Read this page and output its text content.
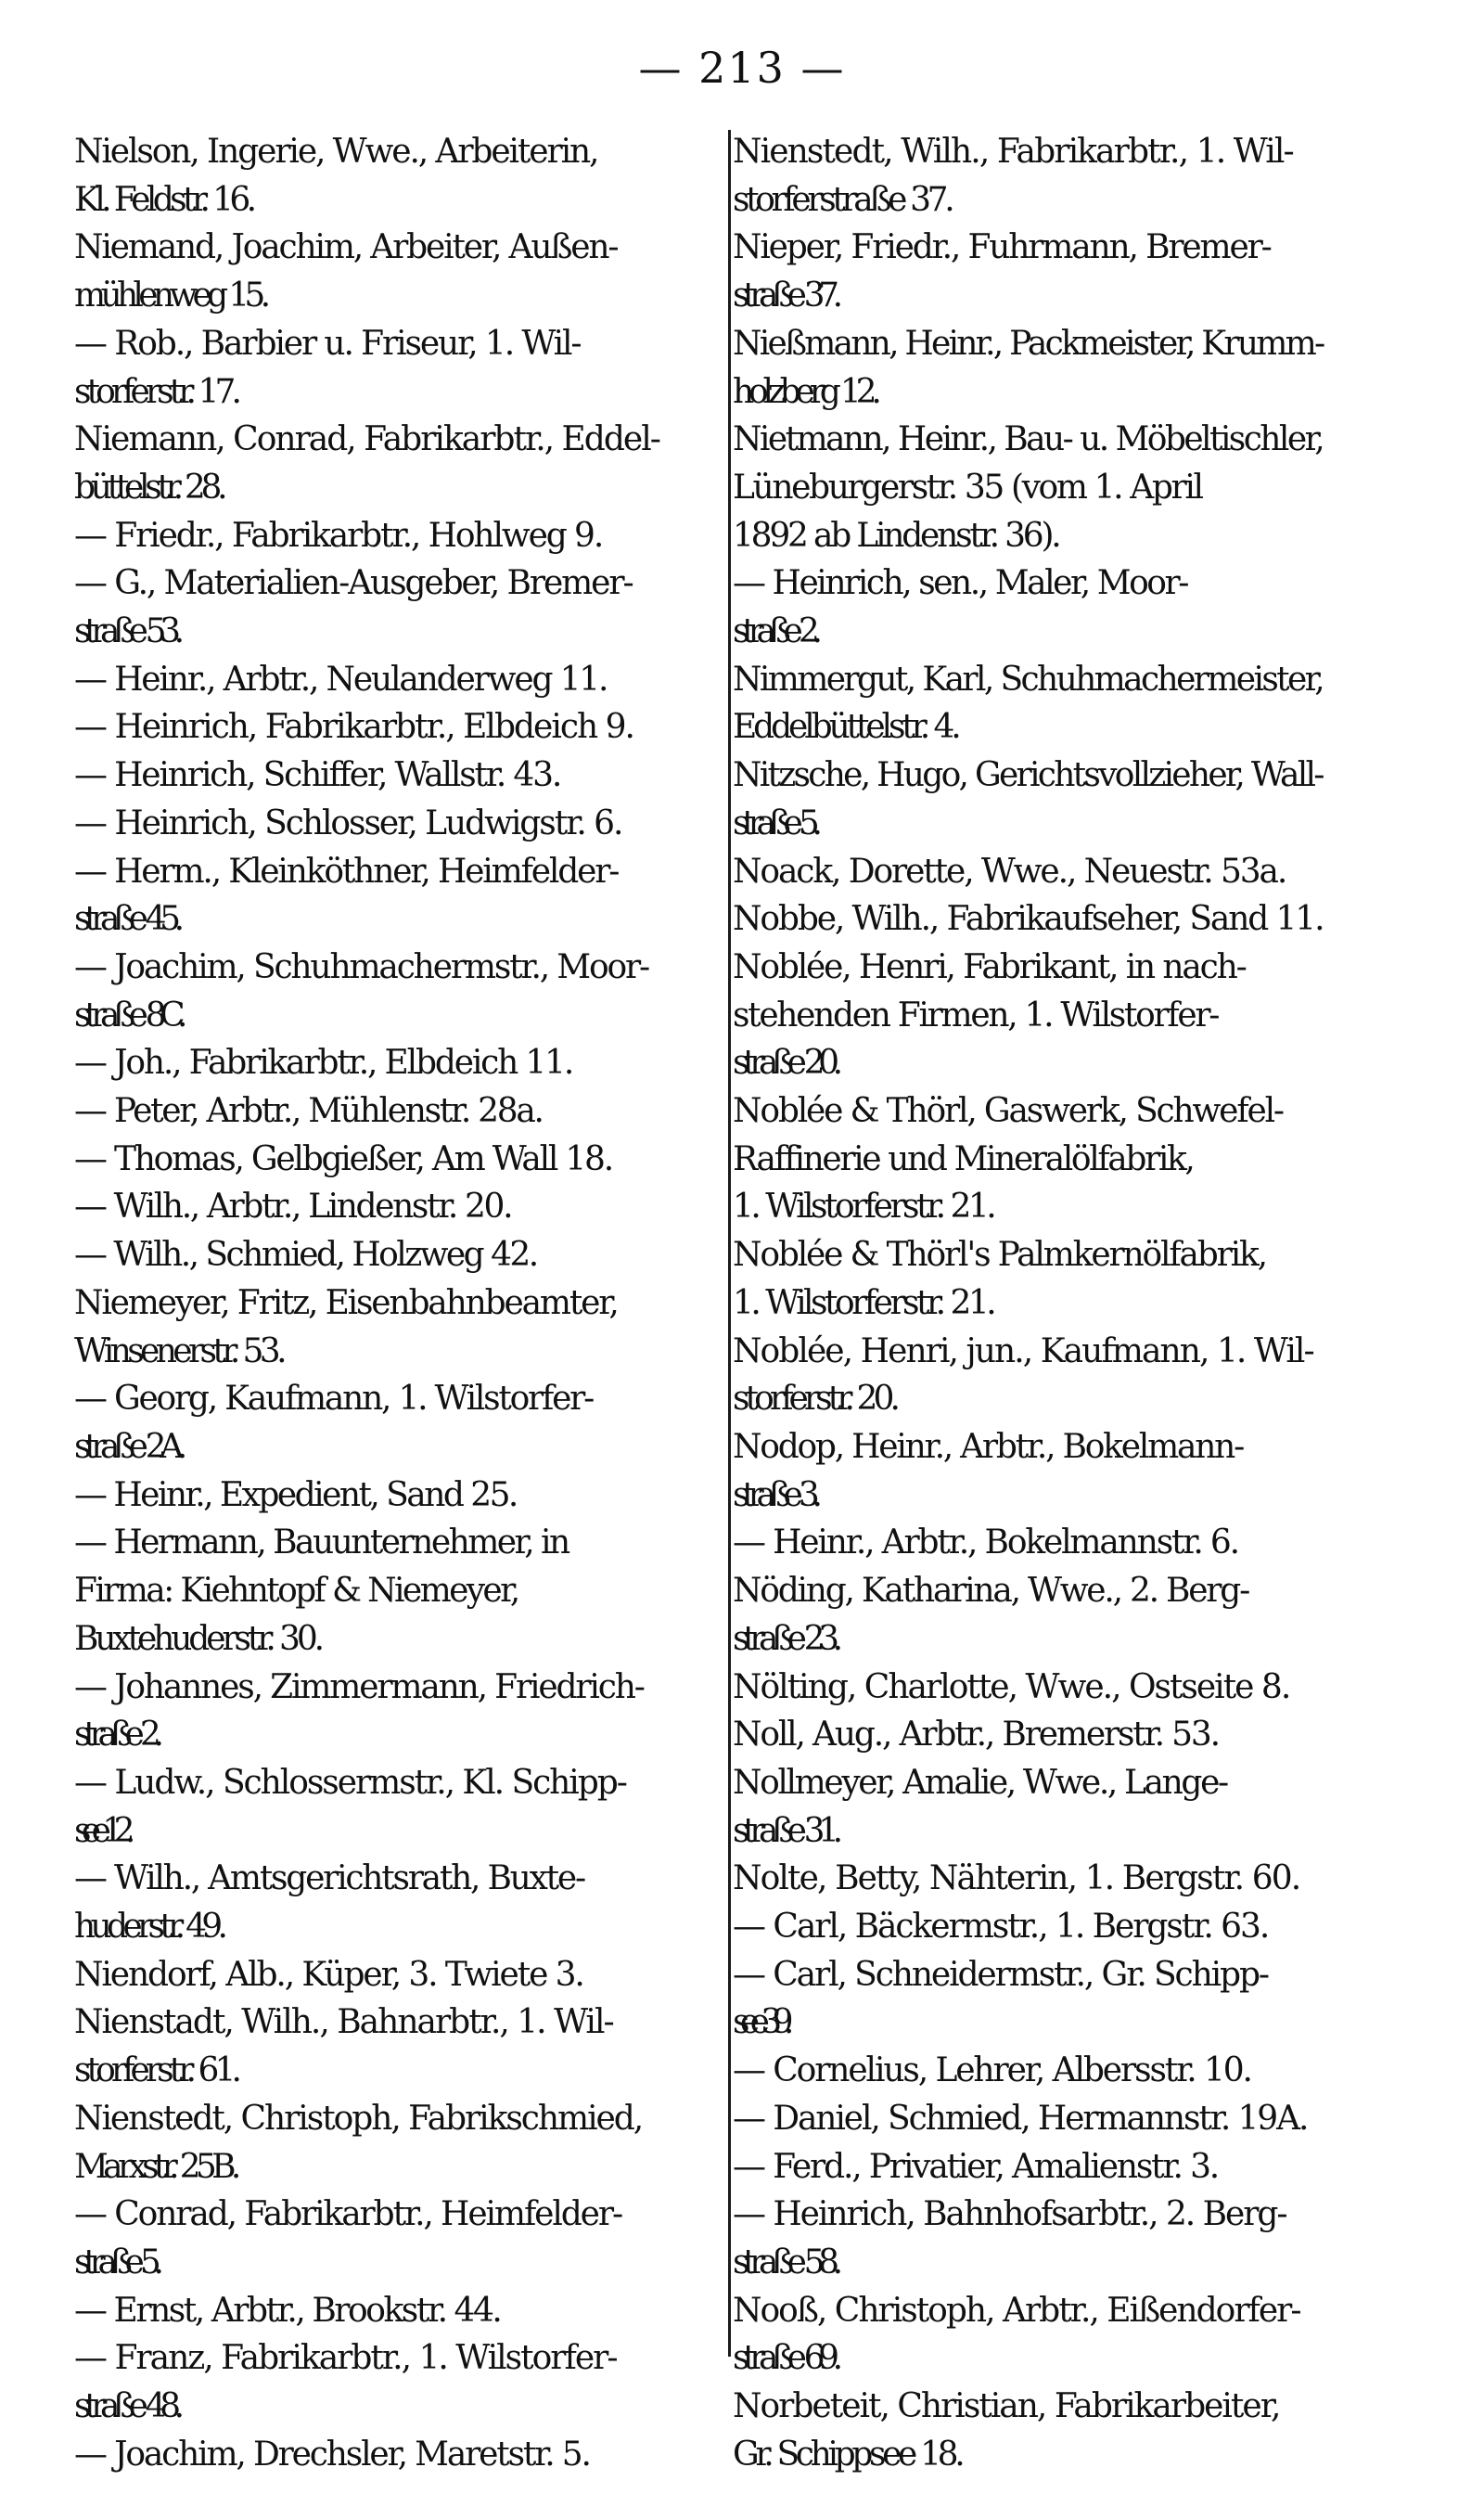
— 213 —

Nielson, Ingerie, Wwe., Arbeiterin,
Kl. Feldstr. 16.

Niemand, Joachim, Arbeiter, Außen-
mühlenweg 15.

— Rob., Barbier u. Friseur, 1. Wil-
storferstr. 17.

Niemann, Conrad, Fabrikarbtr., Eddel-
büttelstr. 28.

— Friedr., Fabrikarbtr., Hohlweg 9.

— G., Materialien-Ausgeber, Bremer-
straße 53.

— Heinr., Arbtr., Neulanderweg 11.

— Heinrich, Fabrikarbtr., Elbdeich 9.

— Heinrich, Schiffer, Wallstr. 43.

— Heinrich, Schlosser, Ludwigstr. 6.

— Herm., Kleinköthner, Heimfelder-
straße 45.

— Joachim, Schuhmachermstr., Moor-
straße 8C.

— Joh., Fabrikarbtr., Elbdeich 11.

— Peter, Arbtr., Mühlenstr. 28a.

— Thomas, Gelbgießer, Am Wall 18.

— Wilh., Arbtr., Lindenstr. 20.

— Wilh., Schmied, Holzweg 42.

Niemeyer, Fritz, Eisenbahnbeamter,
Winsenerstr. 53.

— Georg, Kaufmann, 1. Wilstorfer-
straße 2A.

— Heinr., Expedient, Sand 25.

— Hermann, Bauunternehmer, in
Firma: Kiehntopf & Niemeyer,
Buxtehuderstr. 30.

— Johannes, Zimmermann, Friedrich-
straße 2.

— Ludw., Schlossermstr., Kl. Schipp-
see 12.

— Wilh., Amtsgerichtsrath, Buxte-
huderstr. 49.

Niendorf, Alb., Küper, 3. Twiete 3.

Nienstadt, Wilh., Bahnarbtr., 1. Wil-
storferstr. 61.

Nienstedt, Christoph, Fabrikschmied,
Marxstr. 25B.

— Conrad, Fabrikarbtr., Heimfelder-
straße 5.

— Ernst, Arbtr., Brookstr. 44.

— Franz, Fabrikarbtr., 1. Wilstorfer-
straße 48.

— Joachim, Drechsler, Maretstr. 5.

Nienstedt, Wilh., Fabrikarbtr., 1. Wil-
storferstraße 37.

Nieper, Friedr., Fuhrmann, Bremer-
straße 37.

Nießmann, Heinr., Packmeister, Krumm-
holzberg 12.

Nietmann, Heinr., Bau- u. Möbeltischler,
Lüneburgerstr. 35 (vom 1. April
1892 ab Lindenstr. 36).

— Heinrich, sen., Maler, Moor-
straße 2.

Nimmergut, Karl, Schuhmachermeister,
Eddelbüttelstr. 4.

Nitzsche, Hugo, Gerichtsvollzieher, Wall-
straße 5.

Noack, Dorette, Wwe., Neuestr. 53a.

Nobbe, Wilh., Fabrikaufseher, Sand 11.

Noblée, Henri, Fabrikant, in nach-
stehenden Firmen, 1. Wilstorfer-
straße 20.

Noblée & Thörl, Gaswerk, Schwefel-
Raffinerie und Mineralölfabrik,
1. Wilstorferstr. 21.

Noblée & Thörl's Palmkernölfabrik,
1. Wilstorferstr. 21.

Noblée, Henri, jun., Kaufmann, 1. Wil-
storferstr. 20.

Nodop, Heinr., Arbtr., Bokelmann-
straße 3.

— Heinr., Arbtr., Bokelmannstr. 6.

Nöding, Katharina, Wwe., 2. Berg-
straße 23.

Nölting, Charlotte, Wwe., Ostseite 8.

Noll, Aug., Arbtr., Bremerstr. 53.

Nollmeyer, Amalie, Wwe., Lange-
straße 31.

Nolte, Betty, Nähterin, 1. Bergstr. 60.

— Carl, Bäckermstr., 1. Bergstr. 63.

— Carl, Schneidermstr., Gr. Schipp-
see 39.

— Cornelius, Lehrer, Albersstr. 10.

— Daniel, Schmied, Hermannstr. 19A.

— Ferd., Privatier, Amalienstr. 3.

— Heinrich, Bahnhofsarbtr., 2. Berg-
straße 58.

Nooß, Christoph, Arbtr., Eißendorfer-
straße 69.

Norbeteit, Christian, Fabrikarbeiter,
Gr. Schippsee 18.
